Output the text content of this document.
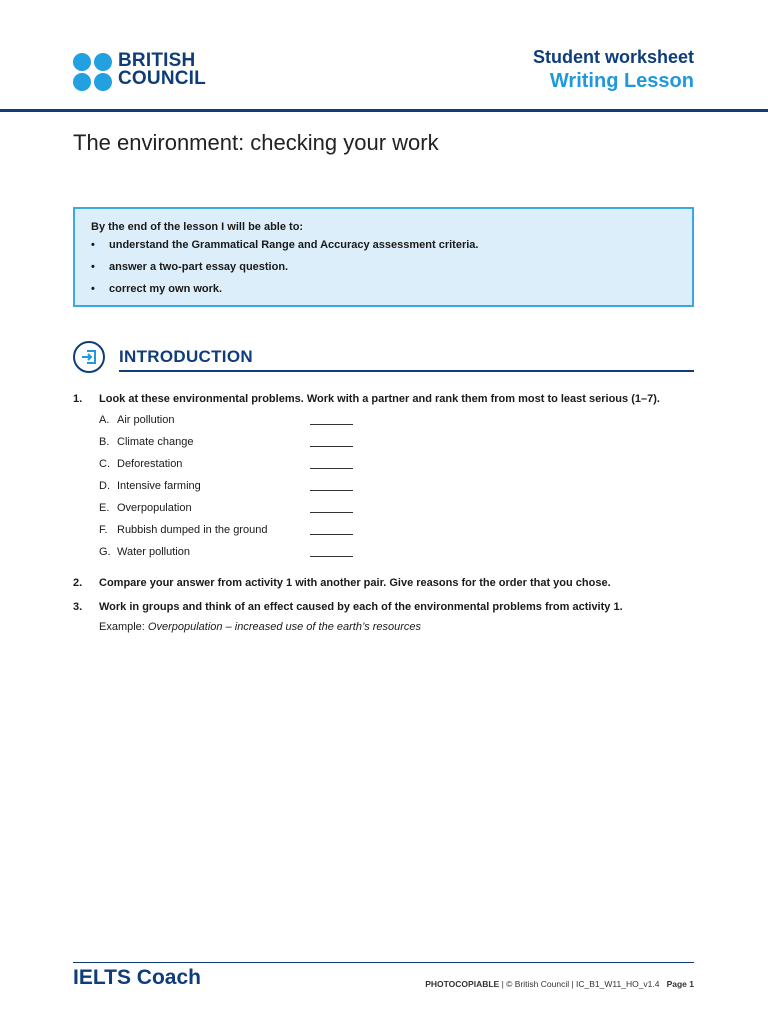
BRITISH
COUNCIL
Student worksheet
Writing Lesson
The environment: checking your work

By the end of the lesson I will be able to:

• understand the Grammatical Range and Accuracy assessment criteria.
• answer a two-part essay question.
• correct my own work.
INTRODUCTION
1. Look at these environmental problems. Work with a partner and rank them from most to least serious (1–7).
A. Air pollution
B. Climate change
C. Deforestation
D. Intensive farming
E. Overpopulation
F. Rubbish dumped in the ground
G. Water pollution
2. Compare your answer from activity 1 with another pair. Give reasons for the order that you chose.
3. Work in groups and think of an effect caused by each of the environmental problems from activity 1.

Example: Overpopulation – increased use of the earth’s resources

IELTS Coach	PHOTOCOPIABLE | © British Council | IC_B1_W11_HO_v1.4 Page 1
